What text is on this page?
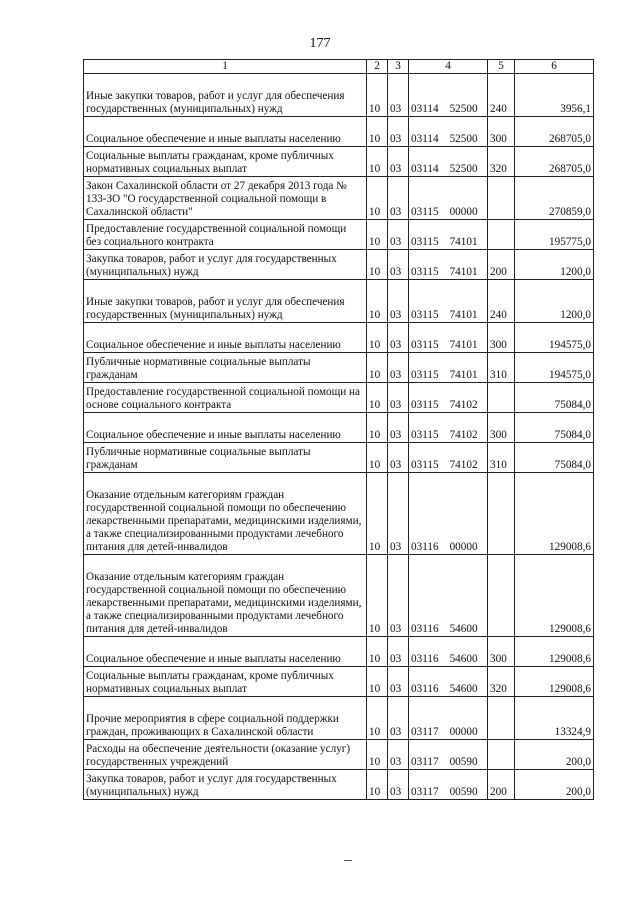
177
1	2	3	4	5	6
Иные закупки товаров, работ и услуг для обеспечения государственных (муниципальных) нужд	10	03	03114 52500	240	3956,1
Социальное обеспечение и иные выплаты населению	10	03	03114 52500	300	268705,0
Социальные выплаты гражданам, кроме публичных нормативных социальных выплат	10	03	03114 52500	320	268705,0
Закон Сахалинской области от 27 декабря 2013 года № 133-ЗО "О государственной социальной помощи в Сахалинской области"	10	03	03115 00000		270859,0
Предоставление государственной социальной помощи без социального контракта	10	03	03115 74101		195775,0
Закупка товаров, работ и услуг для государственных (муниципальных) нужд	10	03	03115 74101	200	1200,0
Иные закупки товаров, работ и услуг для обеспечения государственных (муниципальных) нужд	10	03	03115 74101	240	1200,0
Социальное обеспечение и иные выплаты населению	10	03	03115 74101	300	194575,0
Публичные нормативные социальные выплаты гражданам	10	03	03115 74101	310	194575,0
Предоставление государственной социальной помощи на основе социального контракта	10	03	03115 74102		75084,0
Социальное обеспечение и иные выплаты населению	10	03	03115 74102	300	75084,0
Публичные нормативные социальные выплаты гражданам	10	03	03115 74102	310	75084,0
Оказание отдельным категориям граждан государственной социальной помощи по обеспечению лекарственными препаратами, медицинскими изделиями, а также специализированными продуктами лечебного питания для детей-инвалидов	10	03	03116 00000		129008,6
Оказание отдельным категориям граждан государственной социальной помощи по обеспечению лекарственными препаратами, медицинскими изделиями, а также специализированными продуктами лечебного питания для детей-инвалидов	10	03	03116 54600		129008,6
Социальное обеспечение и иные выплаты населению	10	03	03116 54600	300	129008,6
Социальные выплаты гражданам, кроме публичных нормативных социальных выплат	10	03	03116 54600	320	129008,6
Прочие мероприятия в сфере социальной поддержки граждан, проживающих в Сахалинской области	10	03	03117 00000		13324,9
Расходы на обеспечение деятельности (оказание услуг) государственных учреждений	10	03	03117 00590		200,0
Закупка товаров, работ и услуг для государственных (муниципальных) нужд	10	03	03117 00590	200	200,0
